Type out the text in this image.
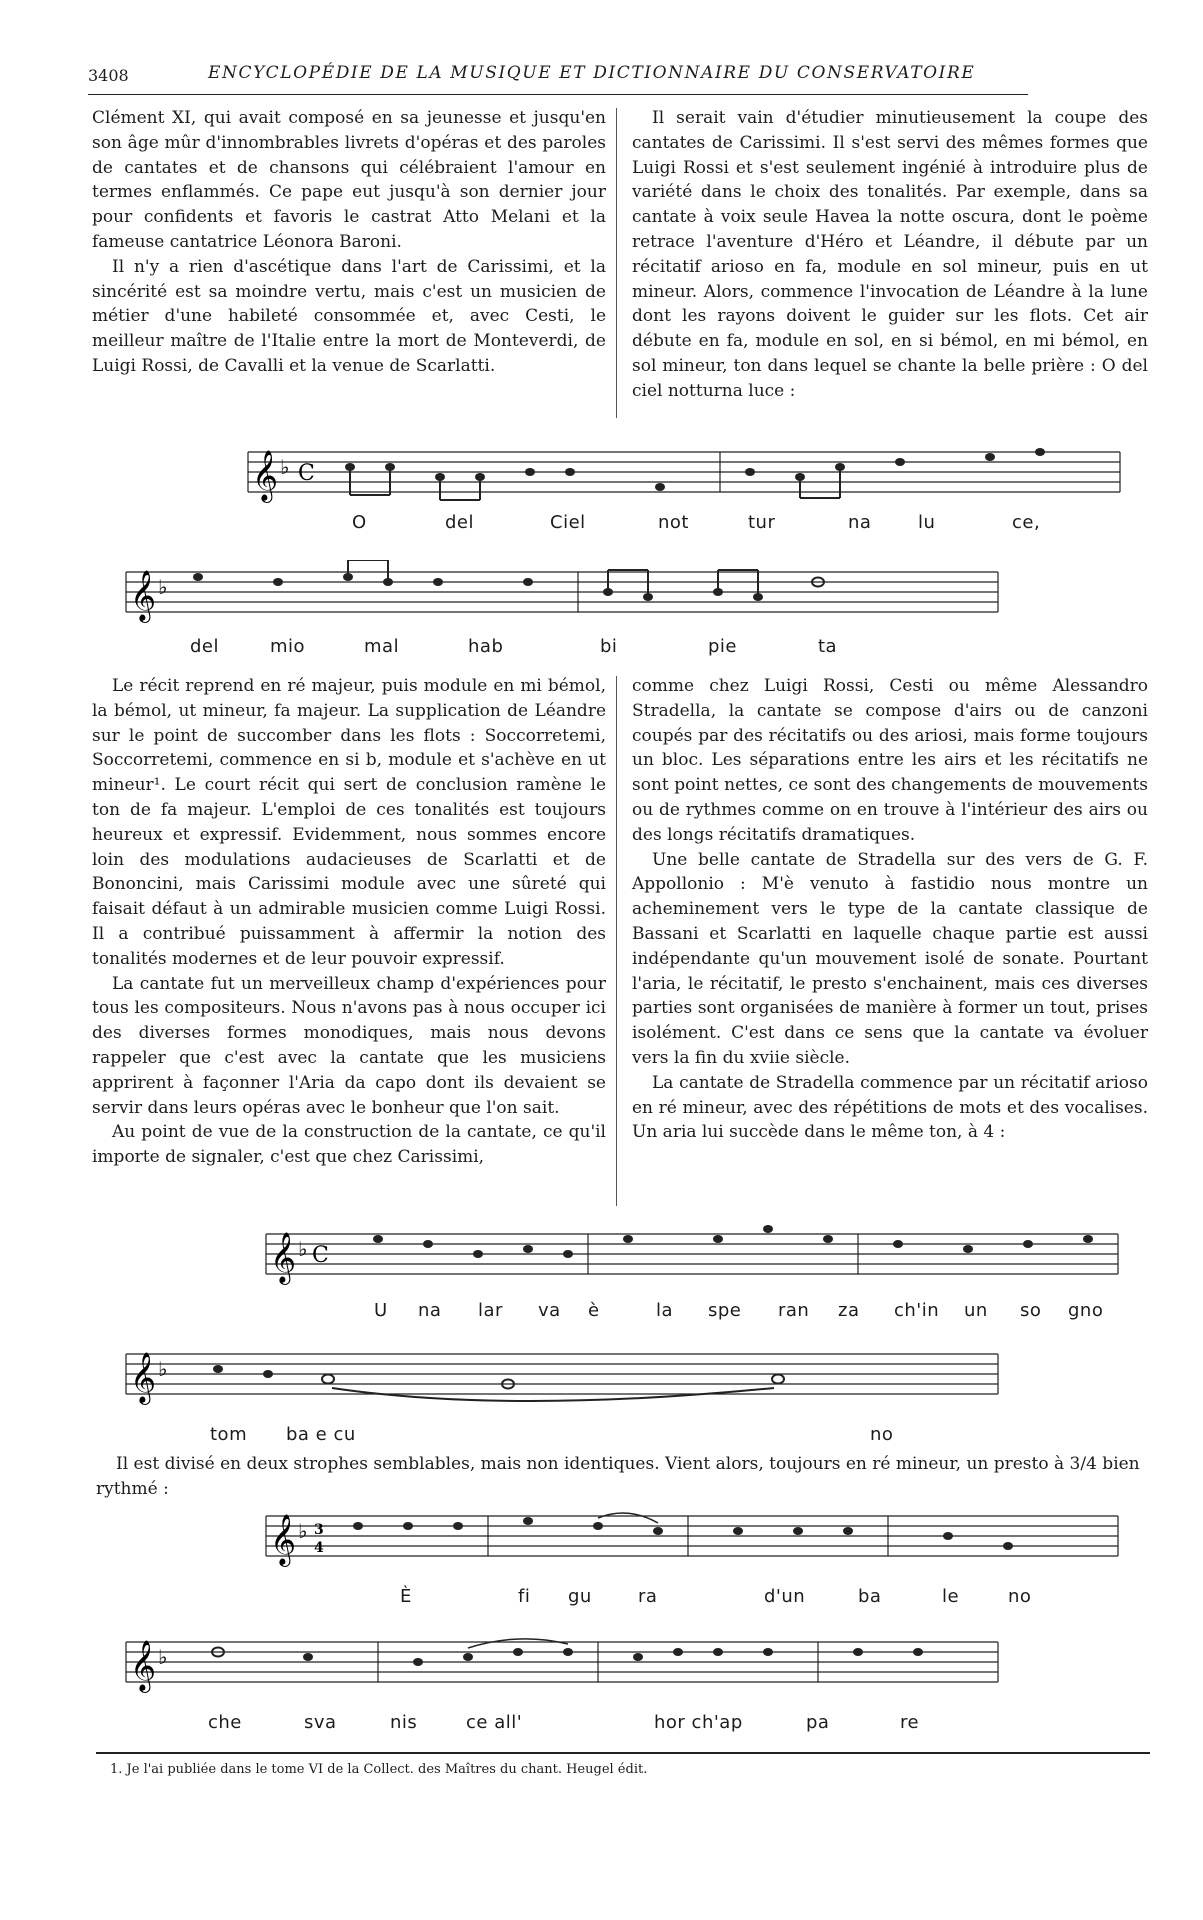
3408	ENCYCLOPÉDIE DE LA MUSIQUE ET DICTIONNAIRE DU CONSERVATOIRE

Clément XI, qui avait composé en sa jeunesse et jusqu'en son âge mûr d'innombrables livrets d'opéras et des paroles de cantates et de chansons qui célébraient l'amour en termes enflammés. Ce pape eut jusqu'à son dernier jour pour confidents et favoris le castrat Atto Melani et la fameuse cantatrice Léonora Baroni.

Il n'y a rien d'ascétique dans l'art de Carissimi, et la sincérité est sa moindre vertu, mais c'est un musicien de métier d'une habileté consommée et, avec Cesti, le meilleur maître de l'Italie entre la mort de Monteverdi, de Luigi Rossi, de Cavalli et la venue de Scarlatti.

Il serait vain d'étudier minutieusement la coupe des cantates de Carissimi. Il s'est servi des mêmes formes que Luigi Rossi et s'est seulement ingénié à introduire plus de variété dans le choix des tonalités. Par exemple, dans sa cantate à voix seule Havea la notte oscura, dont le poème retrace l'aventure d'Héro et Léandre, il débute par un récitatif arioso en fa, module en sol mineur, puis en ut mineur. Alors, commence l'invocation de Léandre à la lune dont les rayons doivent le guider sur les flots. Cet air débute en fa, module en sol, en si bémol, en mi bémol, en sol mineur, ton dans lequel se chante la belle prière : O del ciel notturna luce :

𝄞 ♭ C
O	del	Ciel	not	tur	na	lu	ce,
𝄞 ♭
del	mio	mal	hab	bi	pie	ta

Le récit reprend en ré majeur, puis module en mi bémol, la bémol, ut mineur, fa majeur. La supplication de Léandre sur le point de succomber dans les flots : Soccorretemi, Soccorretemi, commence en si b, module et s'achève en ut mineur¹. Le court récit qui sert de conclusion ramène le ton de fa majeur. L'emploi de ces tonalités est toujours heureux et expressif. Evidemment, nous sommes encore loin des modulations audacieuses de Scarlatti et de Bononcini, mais Carissimi module avec une sûreté qui faisait défaut à un admirable musicien comme Luigi Rossi. Il a contribué puissamment à affermir la notion des tonalités modernes et de leur pouvoir expressif.

La cantate fut un merveilleux champ d'expériences pour tous les compositeurs. Nous n'avons pas à nous occuper ici des diverses formes monodiques, mais nous devons rappeler que c'est avec la cantate que les musiciens apprirent à façonner l'Aria da capo dont ils devaient se servir dans leurs opéras avec le bonheur que l'on sait.

Au point de vue de la construction de la cantate, ce qu'il importe de signaler, c'est que chez Carissimi,

comme chez Luigi Rossi, Cesti ou même Alessandro Stradella, la cantate se compose d'airs ou de canzoni coupés par des récitatifs ou des ariosi, mais forme toujours un bloc. Les séparations entre les airs et les récitatifs ne sont point nettes, ce sont des changements de mouvements ou de rythmes comme on en trouve à l'intérieur des airs ou des longs récitatifs dramatiques.

Une belle cantate de Stradella sur des vers de G. F. Appollonio : M'è venuto à fastidio nous montre un acheminement vers le type de la cantate classique de Bassani et Scarlatti en laquelle chaque partie est aussi indépendante qu'un mouvement isolé de sonate. Pourtant l'aria, le récitatif, le presto s'enchainent, mais ces diverses parties sont organisées de manière à former un tout, prises isolément. C'est dans ce sens que la cantate va évoluer vers la fin du xviie siècle.

La cantate de Stradella commence par un récitatif arioso en ré mineur, avec des répétitions de mots et des vocalises. Un aria lui succède dans le même ton, à 4 :

𝄞 ♭ C
U na lar va è	la spe ran za ch'in un so gno
𝄞 ♭
tom ba e cu	no
Il est divisé en deux strophes semblables, mais non identiques. Vient alors, toujours en ré mineur, un presto à 3/4 bien rythmé :
𝄞 ♭ 3
4
È	fi gu	ra	d'un	ba	le	no
𝄞 ♭
che	sva	nis	ce all'	hor ch'ap	pa	re
1. Je l'ai publiée dans le tome VI de la Collect. des Maîtres du chant. Heugel édit.
